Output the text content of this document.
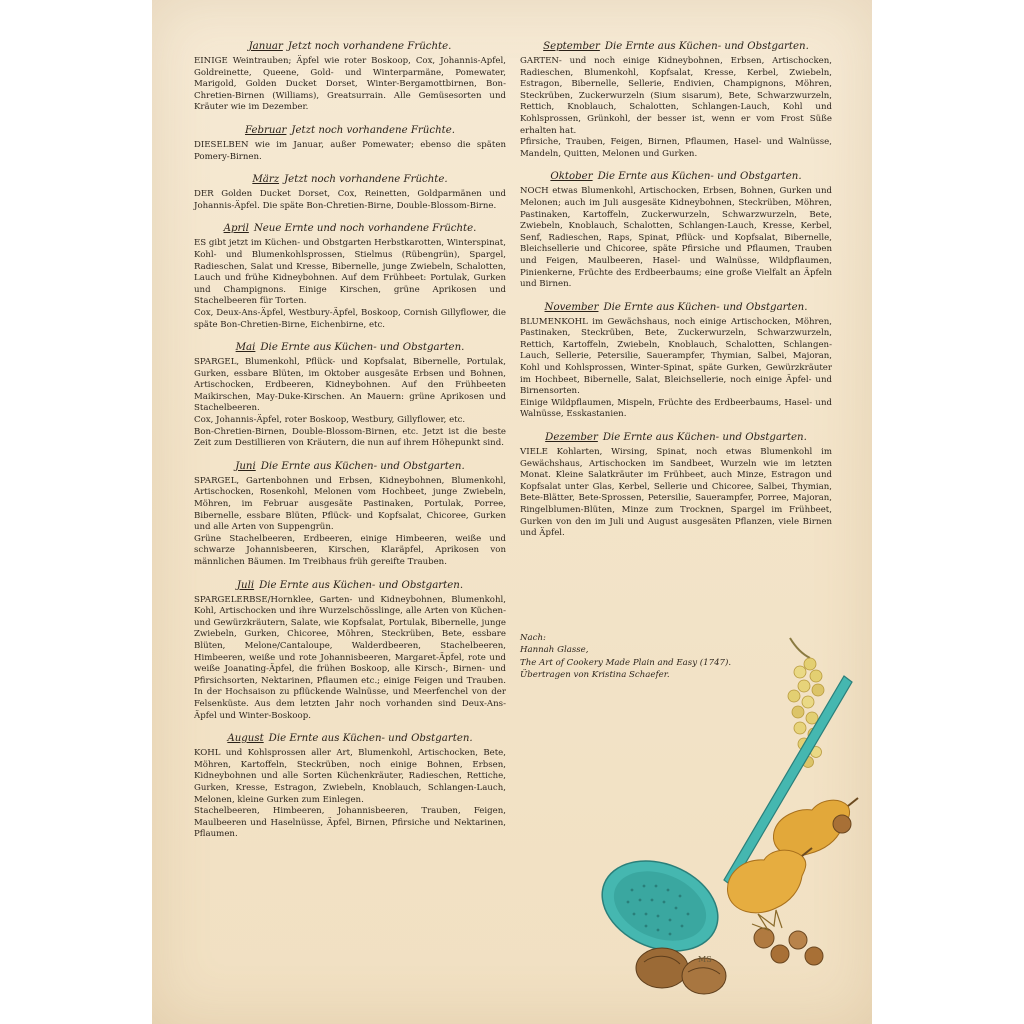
Januar Jetzt noch vorhandene Früchte.

EINIGE Weintrauben; Äpfel wie roter Boskoop, Cox, Johannis-Apfel, Goldreinette, Queene, Gold- und Winterparmäne, Pomewater, Marigold, Golden Ducket Dorset, Winter-Bergamottbirnen, Bon-Chretien-Birnen (Williams), Greatsurrain. Alle Gemüsesorten und Kräuter wie im Dezember.

Februar Jetzt noch vorhandene Früchte.

DIESELBEN wie im Januar, außer Pomewater; ebenso die späten Pomery-Birnen.

März Jetzt noch vorhandene Früchte.

DER Golden Ducket Dorset, Cox, Reinetten, Goldparmänen und Johannis-Äpfel. Die späte Bon-Chretien-Birne, Double-Blossom-Birne.

April Neue Ernte und noch vorhandene Früchte.

ES gibt jetzt im Küchen- und Obstgarten Herbstkarotten, Winterspinat, Kohl- und Blumenkohlsprossen, Stielmus (Rübengrün), Spargel, Radieschen, Salat und Kresse, Bibernelle, junge Zwiebeln, Schalotten, Lauch und frühe Kidneybohnen. Auf dem Frühbeet: Portulak, Gurken und Champignons. Einige Kirschen, grüne Aprikosen und Stachelbeeren für Torten.

Cox, Deux-Ans-Äpfel, Westbury-Äpfel, Boskoop, Cornish Gillyflower, die späte Bon-Chretien-Birne, Eichenbirne, etc.

Mai Die Ernte aus Küchen- und Obstgarten.

SPARGEL, Blumenkohl, Pflück- und Kopfsalat, Bibernelle, Portulak, Gurken, essbare Blüten, im Oktober ausgesäte Erbsen und Bohnen, Artischocken, Erdbeeren, Kidneybohnen. Auf den Frühbeeten Maikirschen, May-Duke-Kirschen. An Mauern: grüne Aprikosen und Stachelbeeren.

Cox, Johannis-Äpfel, roter Boskoop, Westbury, Gillyflower, etc.

Bon-Chretien-Birnen, Double-Blossom-Birnen, etc. Jetzt ist die beste Zeit zum Destillieren von Kräutern, die nun auf ihrem Höhepunkt sind.

Juni Die Ernte aus Küchen- und Obstgarten.

SPARGEL, Gartenbohnen und Erbsen, Kidneybohnen, Blumenkohl, Artischocken, Rosenkohl, Melonen vom Hochbeet, junge Zwiebeln, Möhren, im Februar ausgesäte Pastinaken, Portulak, Porree, Bibernelle, essbare Blüten, Pflück- und Kopfsalat, Chicoree, Gurken und alle Arten von Suppengrün.

Grüne Stachelbeeren, Erdbeeren, einige Himbeeren, weiße und schwarze Johannisbeeren, Kirschen, Klaräpfel, Aprikosen von männlichen Bäumen. Im Treibhaus früh gereifte Trauben.

Juli Die Ernte aus Küchen- und Obstgarten.

SPARGELERBSE/Hornklee, Garten- und Kidneybohnen, Blumenkohl, Kohl, Artischocken und ihre Wurzelschösslinge, alle Arten von Küchen- und Gewürzkräutern, Salate, wie Kopfsalat, Portulak, Bibernelle, junge Zwiebeln, Gurken, Chicoree, Möhren, Steckrüben, Bete, essbare Blüten, Melone/Cantaloupe, Walderdbeeren, Stachelbeeren, Himbeeren, weiße und rote Johannisbeeren, Margaret-Äpfel, rote und weiße Joanating-Äpfel, die frühen Boskoop, alle Kirsch-, Birnen- und Pfirsichsorten, Nektarinen, Pflaumen etc.; einige Feigen und Trauben. In der Hochsaison zu pflückende Walnüsse, und Meerfenchel von der Felsenküste. Aus dem letzten Jahr noch vorhanden sind Deux-Ans-Äpfel und Winter-Boskoop.

August Die Ernte aus Küchen- und Obstgarten.

KOHL und Kohlsprossen aller Art, Blumenkohl, Artischocken, Bete, Möhren, Kartoffeln, Steckrüben, noch einige Bohnen, Erbsen, Kidneybohnen und alle Sorten Küchenkräuter, Radieschen, Rettiche, Gurken, Kresse, Estragon, Zwiebeln, Knoblauch, Schlangen-Lauch, Melonen, kleine Gurken zum Einlegen.

Stachelbeeren, Himbeeren, Johannisbeeren, Trauben, Feigen, Maulbeeren und Haselnüsse, Äpfel, Birnen, Pfirsiche und Nektarinen, Pflaumen.

September Die Ernte aus Küchen- und Obstgarten.

GARTEN- und noch einige Kidneybohnen, Erbsen, Artischocken, Radieschen, Blumenkohl, Kopfsalat, Kresse, Kerbel, Zwiebeln, Estragon, Bibernelle, Sellerie, Endivien, Champignons, Möhren, Steckrüben, Zuckerwurzeln (Sium sisarum), Bete, Schwarzwurzeln, Rettich, Knoblauch, Schalotten, Schlangen-Lauch, Kohl und Kohlsprossen, Grünkohl, der besser ist, wenn er vom Frost Süße erhalten hat.

Pfirsiche, Trauben, Feigen, Birnen, Pflaumen, Hasel- und Walnüsse, Mandeln, Quitten, Melonen und Gurken.

Oktober Die Ernte aus Küchen- und Obstgarten.

NOCH etwas Blumenkohl, Artischocken, Erbsen, Bohnen, Gurken und Melonen; auch im Juli ausgesäte Kidneybohnen, Steckrüben, Möhren, Pastinaken, Kartoffeln, Zuckerwurzeln, Schwarzwurzeln, Bete, Zwiebeln, Knoblauch, Schalotten, Schlangen-Lauch, Kresse, Kerbel, Senf, Radieschen, Raps, Spinat, Pflück- und Kopfsalat, Bibernelle, Bleichsellerie und Chicoree, späte Pfirsiche und Pflaumen, Trauben und Feigen, Maulbeeren, Hasel- und Walnüsse, Wildpflaumen, Pinienkerne, Früchte des Erdbeerbaums; eine große Vielfalt an Äpfeln und Birnen.

November Die Ernte aus Küchen- und Obstgarten.

BLUMENKOHL im Gewächshaus, noch einige Artischocken, Möhren, Pastinaken, Steckrüben, Bete, Zuckerwurzeln, Schwarzwurzeln, Rettich, Kartoffeln, Zwiebeln, Knoblauch, Schalotten, Schlangen-Lauch, Sellerie, Petersilie, Sauerampfer, Thymian, Salbei, Majoran, Kohl und Kohlsprossen, Winter-Spinat, späte Gurken, Gewürzkräuter im Hochbeet, Bibernelle, Salat, Bleichsellerie, noch einige Äpfel- und Birnensorten.

Einige Wildpflaumen, Mispeln, Früchte des Erdbeerbaums, Hasel- und Walnüsse, Esskastanien.

Dezember Die Ernte aus Küchen- und Obstgarten.

VIELE Kohlarten, Wirsing, Spinat, noch etwas Blumenkohl im Gewächshaus, Artischocken im Sandbeet, Wurzeln wie im letzten Monat. Kleine Salatkräuter im Frühbeet, auch Minze, Estragon und Kopfsalat unter Glas, Kerbel, Sellerie und Chicoree, Salbei, Thymian, Bete-Blätter, Bete-Sprossen, Petersilie, Sauerampfer, Porree, Majoran, Ringelblumen-Blüten, Minze zum Trocknen, Spargel im Frühbeet, Gurken von den im Juli und August ausgesäten Pflanzen, viele Birnen und Äpfel.

MS
Nach:
Hannah Glasse,
The Art of Cookery Made Plain and Easy (1747).
Übertragen von Kristina Schaefer.
